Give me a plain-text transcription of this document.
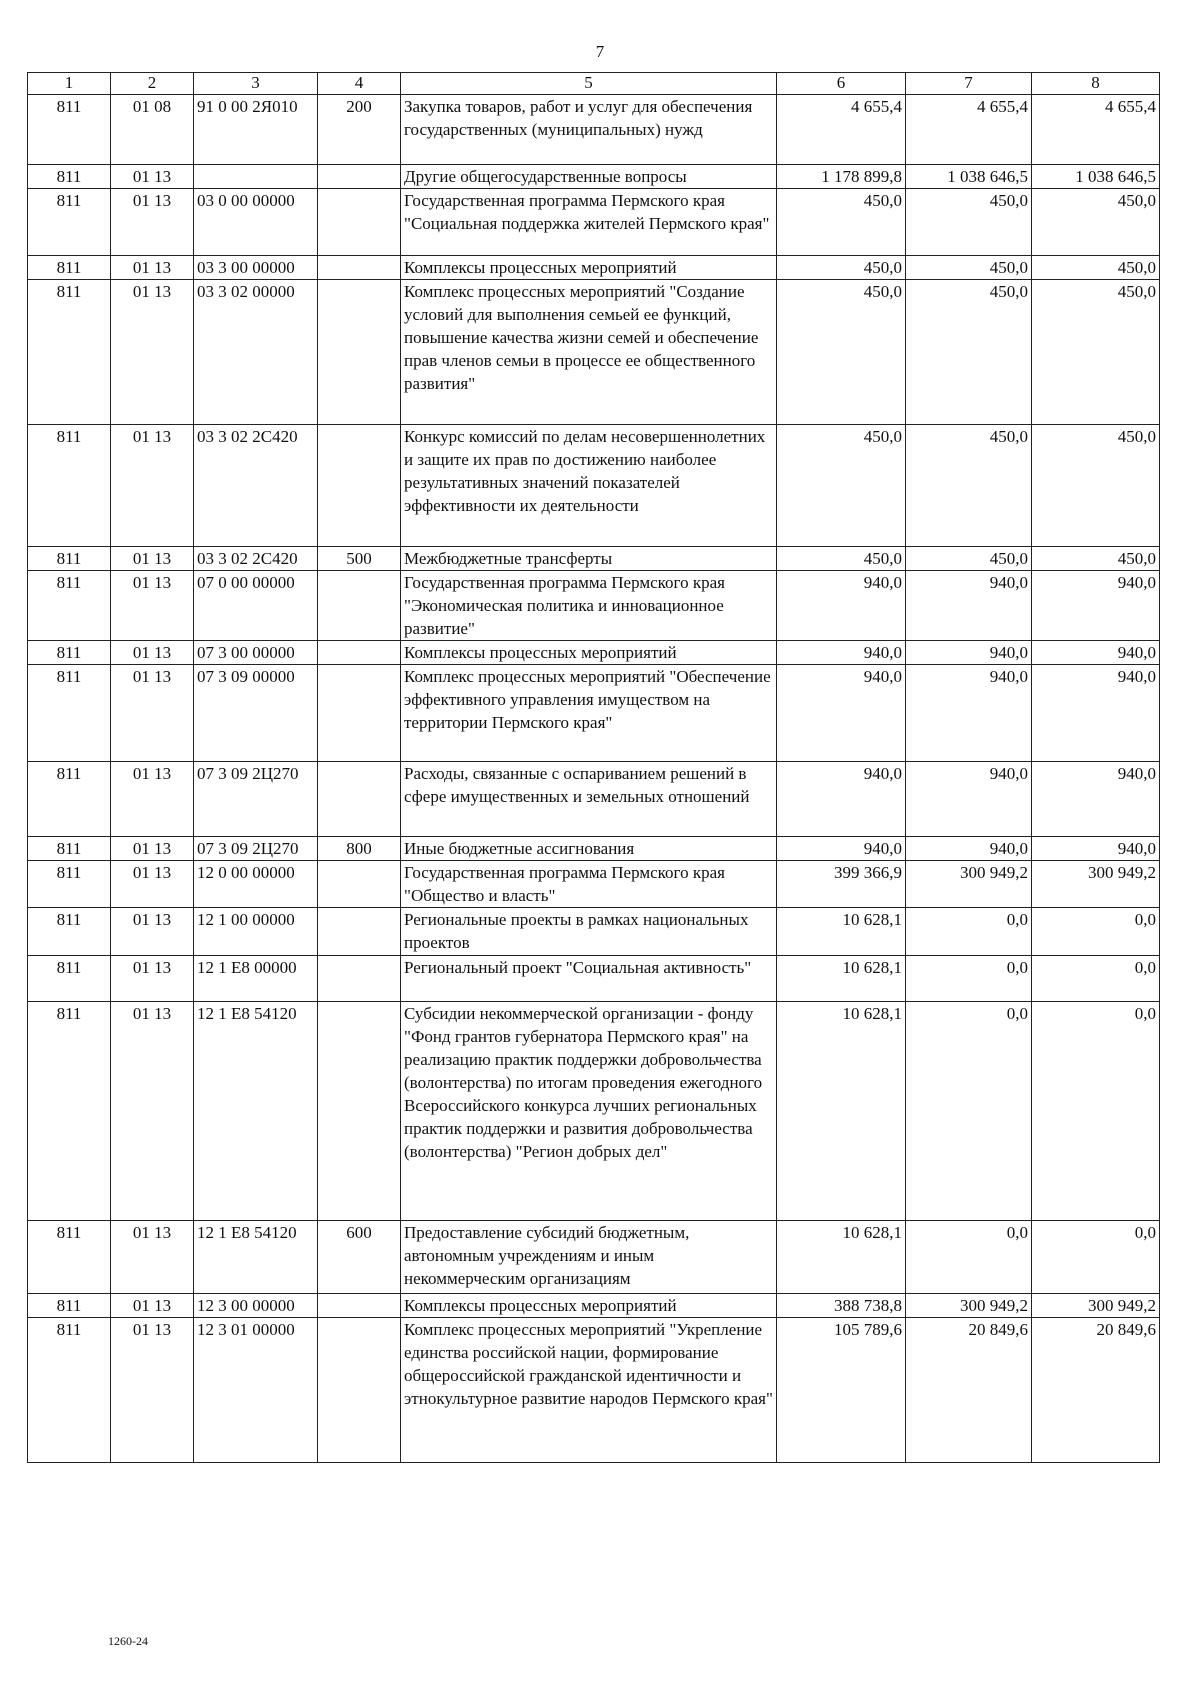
7
1	2	3	4	5	6	7	8
811	01 08	91 0 00 2Я010	200	Закупка товаров, работ и услуг для обеспечения государственных (муниципальных) нужд	4 655,4	4 655,4	4 655,4
811	01 13			Другие общегосударственные вопросы	1 178 899,8	1 038 646,5	1 038 646,5
811	01 13	03 0 00 00000		Государственная программа Пермского края "Социальная поддержка жителей Пермского края"	450,0	450,0	450,0
811	01 13	03 3 00 00000		Комплексы процессных мероприятий	450,0	450,0	450,0
811	01 13	03 3 02 00000		Комплекс процессных мероприятий "Создание условий для выполнения семьей ее функций, повышение качества жизни семей и обеспечение прав членов семьи в процессе ее общественного развития"	450,0	450,0	450,0
811	01 13	03 3 02 2С420		Конкурс комиссий по делам несовершеннолетних и защите их прав по достижению наиболее результативных значений показателей эффективности их деятельности	450,0	450,0	450,0
811	01 13	03 3 02 2С420	500	Межбюджетные трансферты	450,0	450,0	450,0
811	01 13	07 0 00 00000		Государственная программа Пермского края "Экономическая политика и инновационное развитие"	940,0	940,0	940,0
811	01 13	07 3 00 00000		Комплексы процессных мероприятий	940,0	940,0	940,0
811	01 13	07 3 09 00000		Комплекс процессных мероприятий "Обеспечение эффективного управления имуществом на территории Пермского края"	940,0	940,0	940,0
811	01 13	07 3 09 2Ц270		Расходы, связанные с оспариванием решений в сфере имущественных и земельных отношений	940,0	940,0	940,0
811	01 13	07 3 09 2Ц270	800	Иные бюджетные ассигнования	940,0	940,0	940,0
811	01 13	12 0 00 00000		Государственная программа Пермского края "Общество и власть"	399 366,9	300 949,2	300 949,2
811	01 13	12 1 00 00000		Региональные проекты в рамках национальных проектов	10 628,1	0,0	0,0
811	01 13	12 1 E8 00000		Региональный проект "Социальная активность"	10 628,1	0,0	0,0
811	01 13	12 1 E8 54120		Субсидии некоммерческой организации - фонду "Фонд грантов губернатора Пермского края" на реализацию практик поддержки добровольчества (волонтерства) по итогам проведения ежегодного Всероссийского конкурса лучших региональных практик поддержки и развития добровольчества (волонтерства) "Регион добрых дел"	10 628,1	0,0	0,0
811	01 13	12 1 E8 54120	600	Предоставление субсидий бюджетным, автономным учреждениям и иным некоммерческим организациям	10 628,1	0,0	0,0
811	01 13	12 3 00 00000		Комплексы процессных мероприятий	388 738,8	300 949,2	300 949,2
811	01 13	12 3 01 00000		Комплекс процессных мероприятий "Укрепление единства российской нации, формирование общероссийской гражданской идентичности и этнокультурное развитие народов Пермского края"	105 789,6	20 849,6	20 849,6
1260-24
